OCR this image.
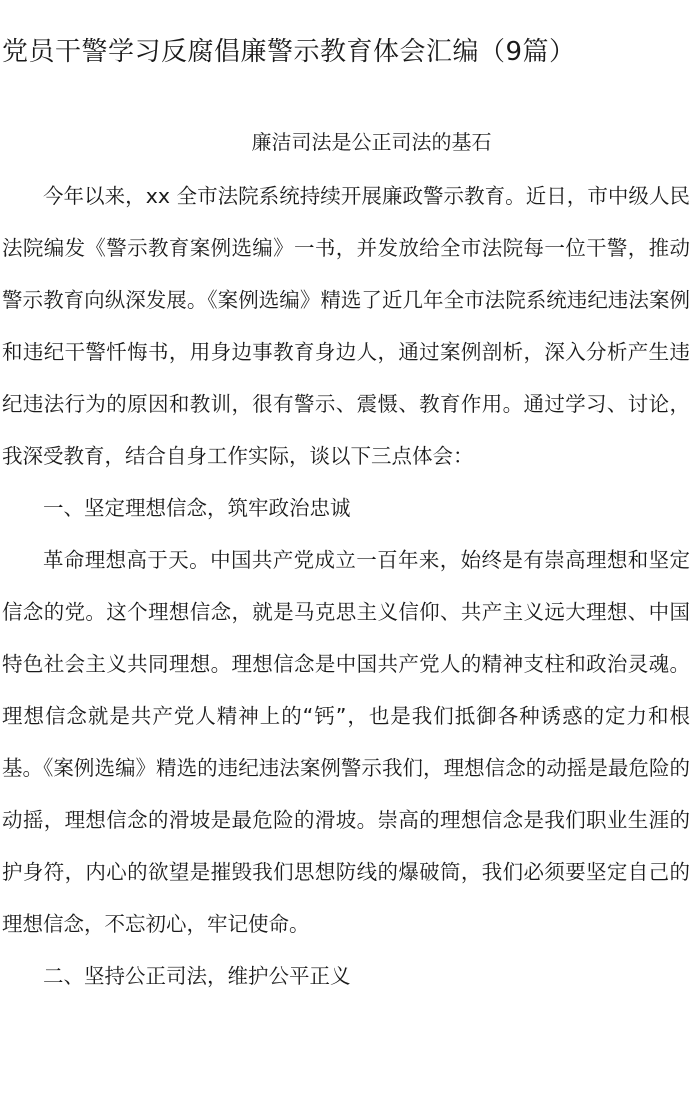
党员干警学习反腐倡廉警示教育体会汇编（9篇）
廉洁司法是公正司法的基石

今年以来，xx 全市法院系统持续开展廉政警示教育。近日，市中级人民法院编发《警示教育案例选编》一书，并发放给全市法院每一位干警，推动警示教育向纵深发展。《案例选编》精选了近几年全市法院系统违纪违法案例和违纪干警忏悔书，用身边事教育身边人，通过案例剖析，深入分析产生违纪违法行为的原因和教训，很有警示、震慑、教育作用。通过学习、讨论，我深受教育，结合自身工作实际，谈以下三点体会：

一、坚定理想信念，筑牢政治忠诚

革命理想高于天。中国共产党成立一百年来，始终是有崇高理想和坚定信念的党。这个理想信念，就是马克思主义信仰、共产主义远大理想、中国特色社会主义共同理想。理想信念是中国共产党人的精神支柱和政治灵魂。理想信念就是共产党人精神上的“钙”，也是我们抵御各种诱惑的定力和根基。《案例选编》精选的违纪违法案例警示我们，理想信念的动摇是最危险的动摇，理想信念的滑坡是最危险的滑坡。崇高的理想信念是我们职业生涯的护身符，内心的欲望是摧毁我们思想防线的爆破筒，我们必须要坚定自己的理想信念，不忘初心，牢记使命。

二、坚持公正司法，维护公平正义
